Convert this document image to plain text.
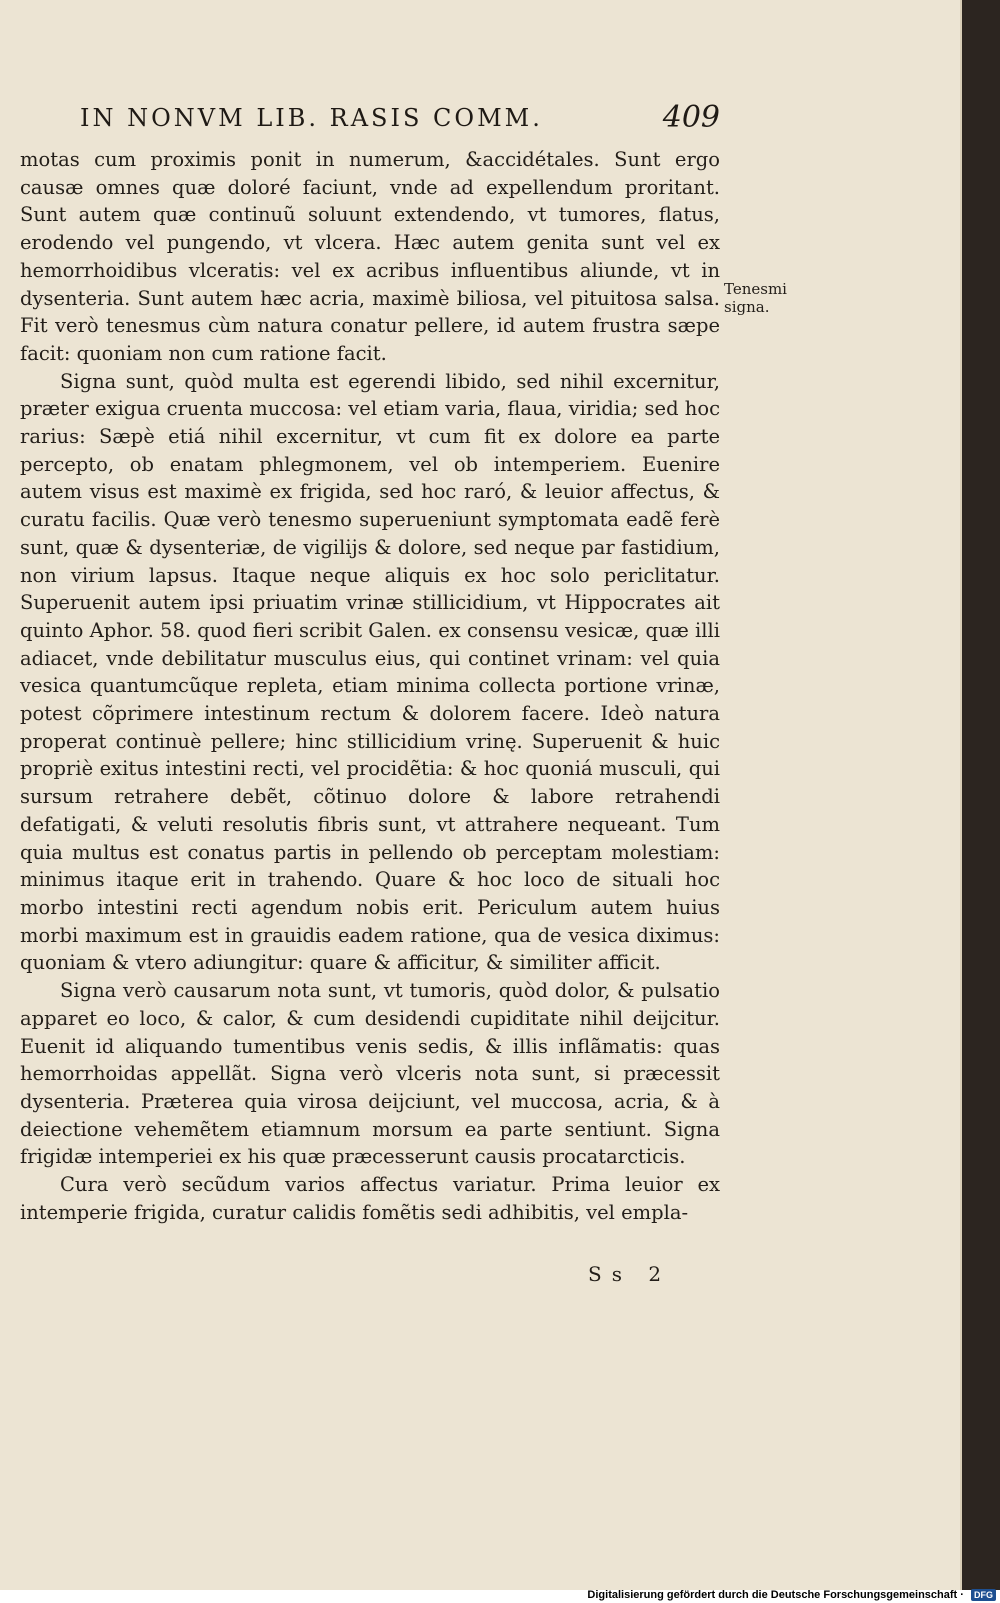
IN NONVM LIB. RASIS COMM.	409

motas cum proximis ponit in numerum, &accidétales. Sunt ergo causæ omnes quæ doloré faciunt, vnde ad expellendum proritant. Sunt autem quæ continuũ soluunt extendendo, vt tumores, flatus, erodendo vel pungendo, vt vlcera. Hæc autem genita sunt vel ex hemorrhoidibus vlceratis: vel ex acribus influentibus aliunde, vt in dysenteria. Sunt autem hæc acria, maximè biliosa, vel pituitosa salsa. Fit verò tenesmus cùm natura conatur pellere, id autem frustra sæpe facit: quoniam non cum ratione facit.

Signa sunt, quòd multa est egerendi libido, sed nihil excernitur, præter exigua cruenta muccosa: vel etiam varia, flaua, viridia; sed hoc rarius: Sæpè etiá nihil excernitur, vt cum fit ex dolore ea parte percepto, ob enatam phlegmonem, vel ob intemperiem. Euenire autem visus est maximè ex frigida, sed hoc raró, & leuior affectus, & curatu facilis. Quæ verò tenesmo superueniunt symptomata eadẽ ferè sunt, quæ & dysenteriæ, de vigilijs & dolore, sed neque par fastidium, non virium lapsus. Itaque neque aliquis ex hoc solo periclitatur. Superuenit autem ipsi priuatim vrinæ stillicidium, vt Hippocrates ait quinto Aphor. 58. quod fieri scribit Galen. ex consensu vesicæ, quæ illi adiacet, vnde debilitatur musculus eius, qui continet vrinam: vel quia vesica quantumcũque repleta, etiam minima collecta portione vrinæ, potest cõprimere intestinum rectum & dolorem facere. Ideò natura properat continuè pellere; hinc stillicidium vrinę. Superuenit & huic propriè exitus intestini recti, vel procidẽtia: & hoc quoniá musculi, qui sursum retrahere debẽt, cõtinuo dolore & labore retrahendi defatigati, & veluti resolutis fibris sunt, vt attrahere nequeant. Tum quia multus est conatus partis in pellendo ob perceptam molestiam: minimus itaque erit in trahendo. Quare & hoc loco de situali hoc morbo intestini recti agendum nobis erit. Periculum autem huius morbi maximum est in grauidis eadem ratione, qua de vesica diximus: quoniam & vtero adiungitur: quare & afficitur, & similiter afficit.

Signa verò causarum nota sunt, vt tumoris, quòd dolor, & pulsatio apparet eo loco, & calor, & cum desidendi cupiditate nihil deijcitur. Euenit id aliquando tumentibus venis sedis, & illis inflãmatis: quas hemorrhoidas appellãt. Signa verò vlceris nota sunt, si præcessit dysenteria. Præterea quia virosa deijciunt, vel muccosa, acria, & à deiectione vehemẽtem etiamnum morsum ea parte sentiunt. Signa frigidæ intemperiei ex his quæ præcesserunt causis procatarcticis.

Cura verò secũdum varios affectus variatur. Prima leuior ex intemperie frigida, curatur calidis fomẽtis sedi adhibitis, vel empla-

Tenesmi
signa.
Ss 2
Digitalisierung gefördert durch die Deutsche Forschungsgemeinschaft · DFG
